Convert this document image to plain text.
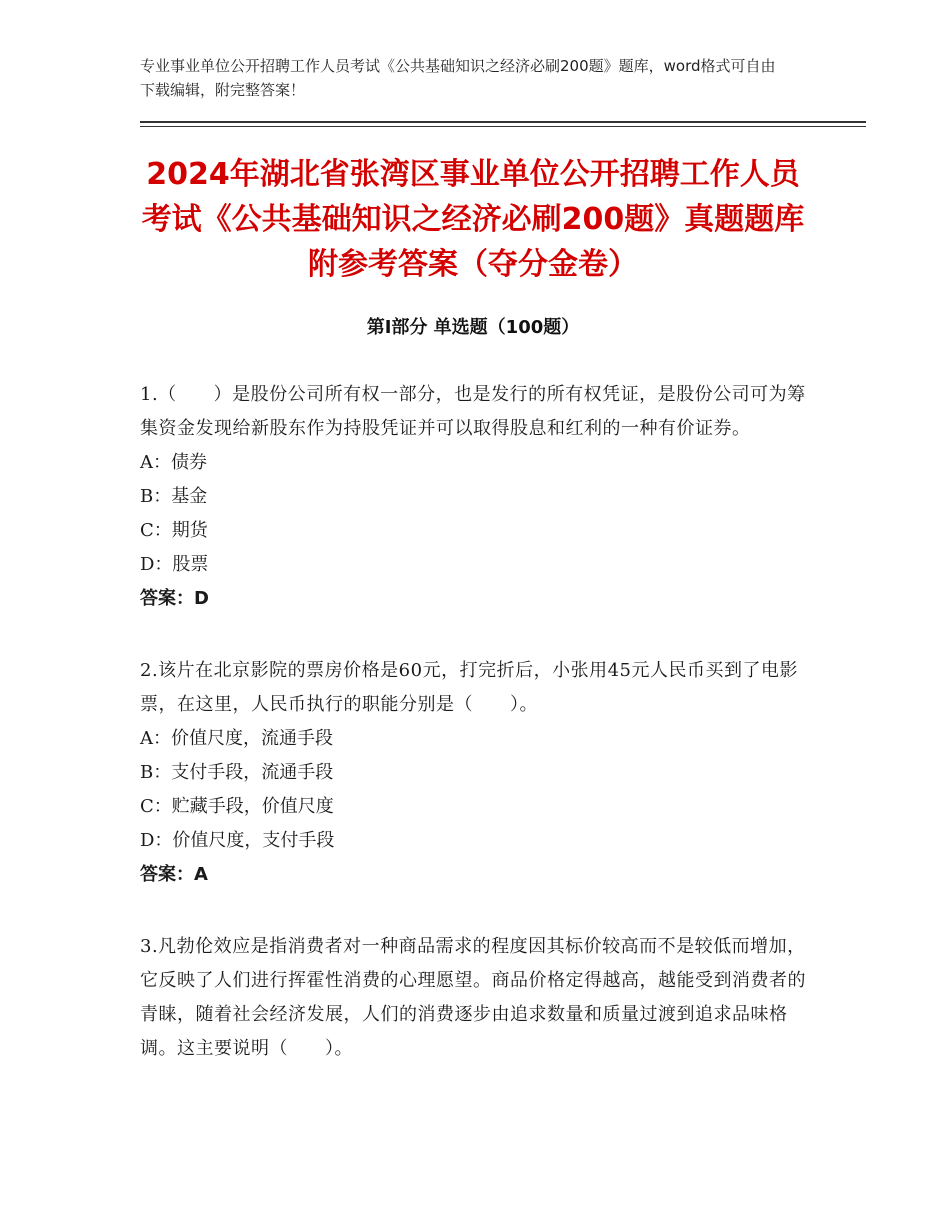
专业事业单位公开招聘工作人员考试《公共基础知识之经济必刷200题》题库，word格式可自由下载编辑，附完整答案！

2024年湖北省张湾区事业单位公开招聘工作人员考试《公共基础知识之经济必刷200题》真题题库附参考答案（夺分金卷）
第Ⅰ部分 单选题（100题）

1.（　　）是股份公司所有权一部分，也是发行的所有权凭证，是股份公司可为筹集资金发现给新股东作为持股凭证并可以取得股息和红利的一种有价证券。

A：债券

B：基金

C：期货

D：股票

答案：D

2.该片在北京影院的票房价格是60元，打完折后，小张用45元人民币买到了电影票，在这里，人民币执行的职能分别是（　　）。

A：价值尺度，流通手段

B：支付手段，流通手段

C：贮藏手段，价值尺度

D：价值尺度，支付手段

答案：A

3.凡勃伦效应是指消费者对一种商品需求的程度因其标价较高而不是较低而增加，它反映了人们进行挥霍性消费的心理愿望。商品价格定得越高，越能受到消费者的青睐，随着社会经济发展，人们的消费逐步由追求数量和质量过渡到追求品味格调。这主要说明（　　）。
